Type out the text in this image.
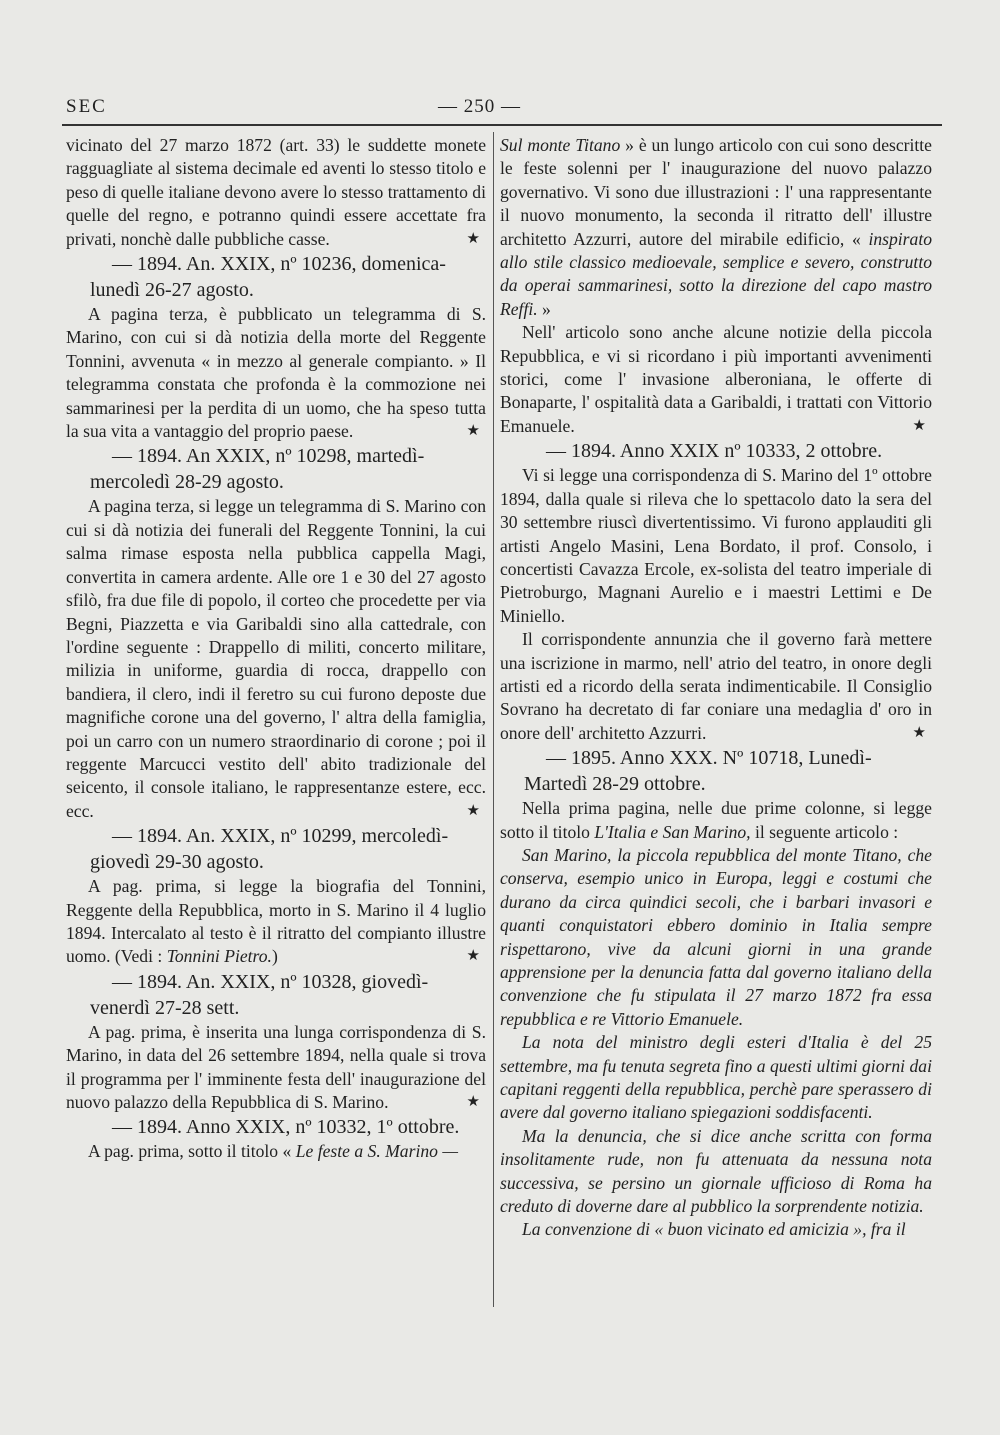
SEC	— 250 —

vicinato del 27 marzo 1872 (art. 33) le suddette monete ragguagliate al sistema decimale ed aventi lo stesso titolo e peso di quelle italiane devono avere lo stesso trattamento di quelle del regno, e potranno quindi essere accettate fra privati, nonchè dalle pubbliche casse.	★

— 1894. An. XXIX, nº 10236, domenica-lunedì 26-27 agosto.

A pagina terza, è pubblicato un telegramma di S. Marino, con cui si dà notizia della morte del Reggente Tonnini, avvenuta « in mezzo al generale compianto. » Il telegramma constata che profonda è la commozione nei sammarinesi per la perdita di un uomo, che ha speso tutta la sua vita a vantaggio del proprio paese.	★

— 1894. An XXIX, nº 10298, martedì-mercoledì 28-29 agosto.

A pagina terza, si legge un telegramma di S. Marino con cui si dà notizia dei funerali del Reggente Tonnini, la cui salma rimase esposta nella pubblica cappella Magi, convertita in camera ardente. Alle ore 1 e 30 del 27 agosto sfilò, fra due file di popolo, il corteo che procedette per via Begni, Piazzetta e via Garibaldi sino alla cattedrale, con l'ordine seguente : Drappello di militi, concerto militare, milizia in uniforme, guardia di rocca, drappello con bandiera, il clero, indi il feretro su cui furono deposte due magnifiche corone una del governo, l' altra della famiglia, poi un carro con un numero straordinario di corone ; poi il reggente Marcucci vestito dell' abito tradizionale del seicento, il console italiano, le rappresentanze estere, ecc. ecc.	★

— 1894. An. XXIX, nº 10299, mercoledì-giovedì 29-30 agosto.

A pag. prima, si legge la biografia del Tonnini, Reggente della Repubblica, morto in S. Marino il 4 luglio 1894. Intercalato al testo è il ritratto del compianto illustre uomo. (Vedi : Tonnini Pietro.)	★

— 1894. An. XXIX, nº 10328, giovedì-venerdì 27-28 sett.

A pag. prima, è inserita una lunga corrispondenza di S. Marino, in data del 26 settembre 1894, nella quale si trova il programma per l' imminente festa dell' inaugurazione del nuovo palazzo della Repubblica di S. Marino.	★

— 1894. Anno XXIX, nº 10332, 1º ottobre.

A pag. prima, sotto il titolo « Le feste a S. Marino —

Sul monte Titano » è un lungo articolo con cui sono descritte le feste solenni per l' inaugurazione del nuovo palazzo governativo. Vi sono due illustrazioni : l' una rappresentante il nuovo monumento, la seconda il ritratto dell' illustre architetto Azzurri, autore del mirabile edificio, « inspirato allo stile classico medioevale, semplice e severo, construtto da operai sammarinesi, sotto la direzione del capo mastro Reffi. »

Nell' articolo sono anche alcune notizie della piccola Repubblica, e vi si ricordano i più importanti avvenimenti storici, come l' invasione alberoniana, le offerte di Bonaparte, l' ospitalità data a Garibaldi, i trattati con Vittorio Emanuele.	★

— 1894. Anno XXIX nº 10333, 2 ottobre.

Vi si legge una corrispondenza di S. Marino del 1º ottobre 1894, dalla quale si rileva che lo spettacolo dato la sera del 30 settembre riuscì divertentissimo. Vi furono applauditi gli artisti Angelo Masini, Lena Bordato, il prof. Consolo, i concertisti Cavazza Ercole, ex-solista del teatro imperiale di Pietroburgo, Magnani Aurelio e i maestri Lettimi e De Miniello.

Il corrispondente annunzia che il governo farà mettere una iscrizione in marmo, nell' atrio del teatro, in onore degli artisti ed a ricordo della serata indimenticabile. Il Consiglio Sovrano ha decretato di far coniare una medaglia d' oro in onore dell' architetto Azzurri.	★

— 1895. Anno XXX. Nº 10718, Lunedì-Martedì 28-29 ottobre.

Nella prima pagina, nelle due prime colonne, si legge sotto il titolo L'Italia e San Marino, il seguente articolo :

San Marino, la piccola repubblica del monte Titano, che conserva, esempio unico in Europa, leggi e costumi che durano da circa quindici secoli, che i barbari invasori e quanti conquistatori ebbero dominio in Italia sempre rispettarono, vive da alcuni giorni in una grande apprensione per la denuncia fatta dal governo italiano della convenzione che fu stipulata il 27 marzo 1872 fra essa repubblica e re Vittorio Emanuele.

La nota del ministro degli esteri d'Italia è del 25 settembre, ma fu tenuta segreta fino a questi ultimi giorni dai capitani reggenti della repubblica, perchè pare sperassero di avere dal governo italiano spiegazioni soddisfacenti.

Ma la denuncia, che si dice anche scritta con forma insolitamente rude, non fu attenuata da nessuna nota successiva, se persino un giornale ufficioso di Roma ha creduto di doverne dare al pubblico la sorprendente notizia.

La convenzione di « buon vicinato ed amicizia », fra il
